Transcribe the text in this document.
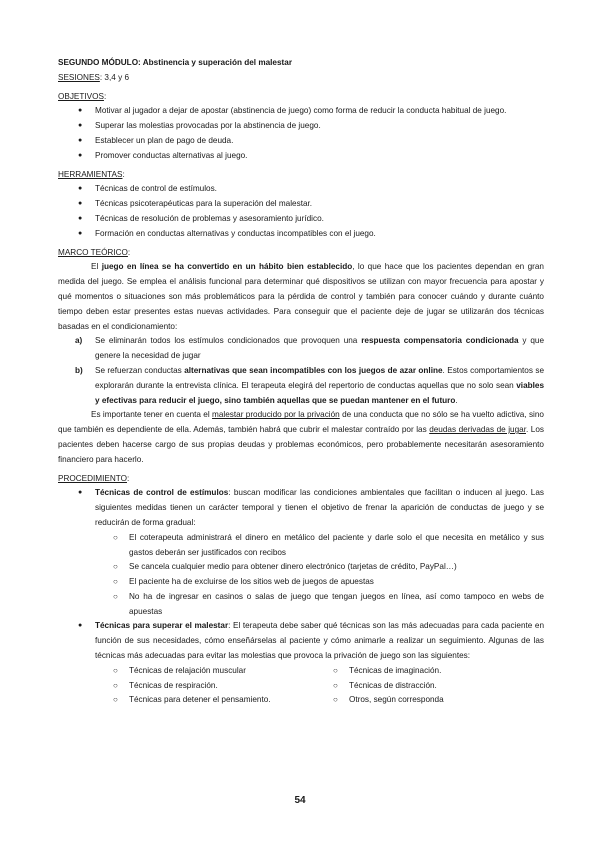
SEGUNDO MÓDULO: Abstinencia y superación del malestar
SESIONES: 3,4 y 6
OBJETIVOS:
● Motivar al jugador a dejar de apostar (abstinencia de juego) como forma de reducir la conducta habitual de juego.
● Superar las molestias provocadas por la abstinencia de juego.
● Establecer un plan de pago de deuda.
● Promover conductas alternativas al juego.
HERRAMIENTAS:
● Técnicas de control de estímulos.
● Técnicas psicoterapéuticas para la superación del malestar.
● Técnicas de resolución de problemas y asesoramiento jurídico.
● Formación en conductas alternativas y conductas incompatibles con el juego.
MARCO TEÓRICO:

El juego en línea se ha convertido en un hábito bien establecido, lo que hace que los pacientes dependan en gran medida del juego. Se emplea el análisis funcional para determinar qué dispositivos se utilizan con mayor frecuencia para apostar y qué momentos o situaciones son más problemáticos para la pérdida de control y también para conocer cuándo y durante cuánto tiempo deben estar presentes estas nuevas actividades. Para conseguir que el paciente deje de jugar se utilizarán dos técnicas basadas en el condicionamiento:

a) Se eliminarán todos los estímulos condicionados que provoquen una respuesta compensatoria condicionada y que genere la necesidad de jugar
b) Se refuerzan conductas alternativas que sean incompatibles con los juegos de azar online. Estos comportamientos se explorarán durante la entrevista clínica. El terapeuta elegirá del repertorio de conductas aquellas que no solo sean viables y efectivas para reducir el juego, sino también aquellas que se puedan mantener en el futuro.

Es importante tener en cuenta el malestar producido por la privación de una conducta que no sólo se ha vuelto adictiva, sino que también es dependiente de ella. Además, también habrá que cubrir el malestar contraído por las deudas derivadas de jugar. Los pacientes deben hacerse cargo de sus propias deudas y problemas económicos, pero probablemente necesitarán asesoramiento financiero para hacerlo.

PROCEDIMIENTO:
● Técnicas de control de estímulos: buscan modificar las condiciones ambientales que facilitan o inducen al juego. Las siguientes medidas tienen un carácter temporal y tienen el objetivo de frenar la aparición de conductas de juego y se reducirán de forma gradual:
○ El coterapeuta administrará el dinero en metálico del paciente y darle solo el que necesita en metálico y sus gastos deberán ser justificados con recibos
○ Se cancela cualquier medio para obtener dinero electrónico (tarjetas de crédito, PayPal…)
○ El paciente ha de excluirse de los sitios web de juegos de apuestas
○ No ha de ingresar en casinos o salas de juego que tengan juegos en línea, así como tampoco en webs de apuestas
● Técnicas para superar el malestar: El terapeuta debe saber qué técnicas son las más adecuadas para cada paciente en función de sus necesidades, cómo enseñárselas al paciente y cómo animarle a realizar un seguimiento. Algunas de las técnicas más adecuadas para evitar las molestias que provoca la privación de juego son las siguientes:
○ Técnicas de relajación muscular
○ Técnicas de respiración.
○ Técnicas para detener el pensamiento.
○ Técnicas de imaginación.
○ Técnicas de distracción.
○ Otros, según corresponda
54
